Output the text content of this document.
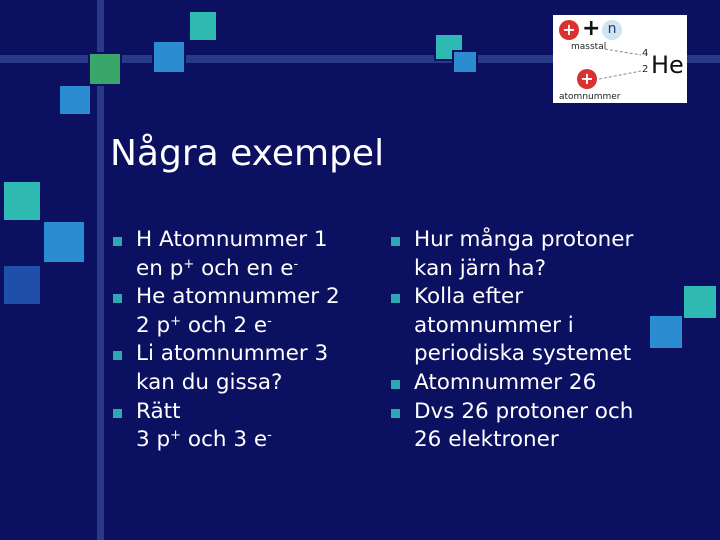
+ + n
masstal
4
2 He
+
atomnummer
Några exempel
H Atomnummer 1
en p+ och en e-
He atomnummer 2
2 p+ och 2 e-
Li atomnummer 3
kan du gissa?
Rätt
3 p+ och 3 e-
Hur många protoner
kan järn ha?
Kolla efter
atomnummer i
periodiska systemet
Atomnummer 26
Dvs 26 protoner och
26 elektroner
